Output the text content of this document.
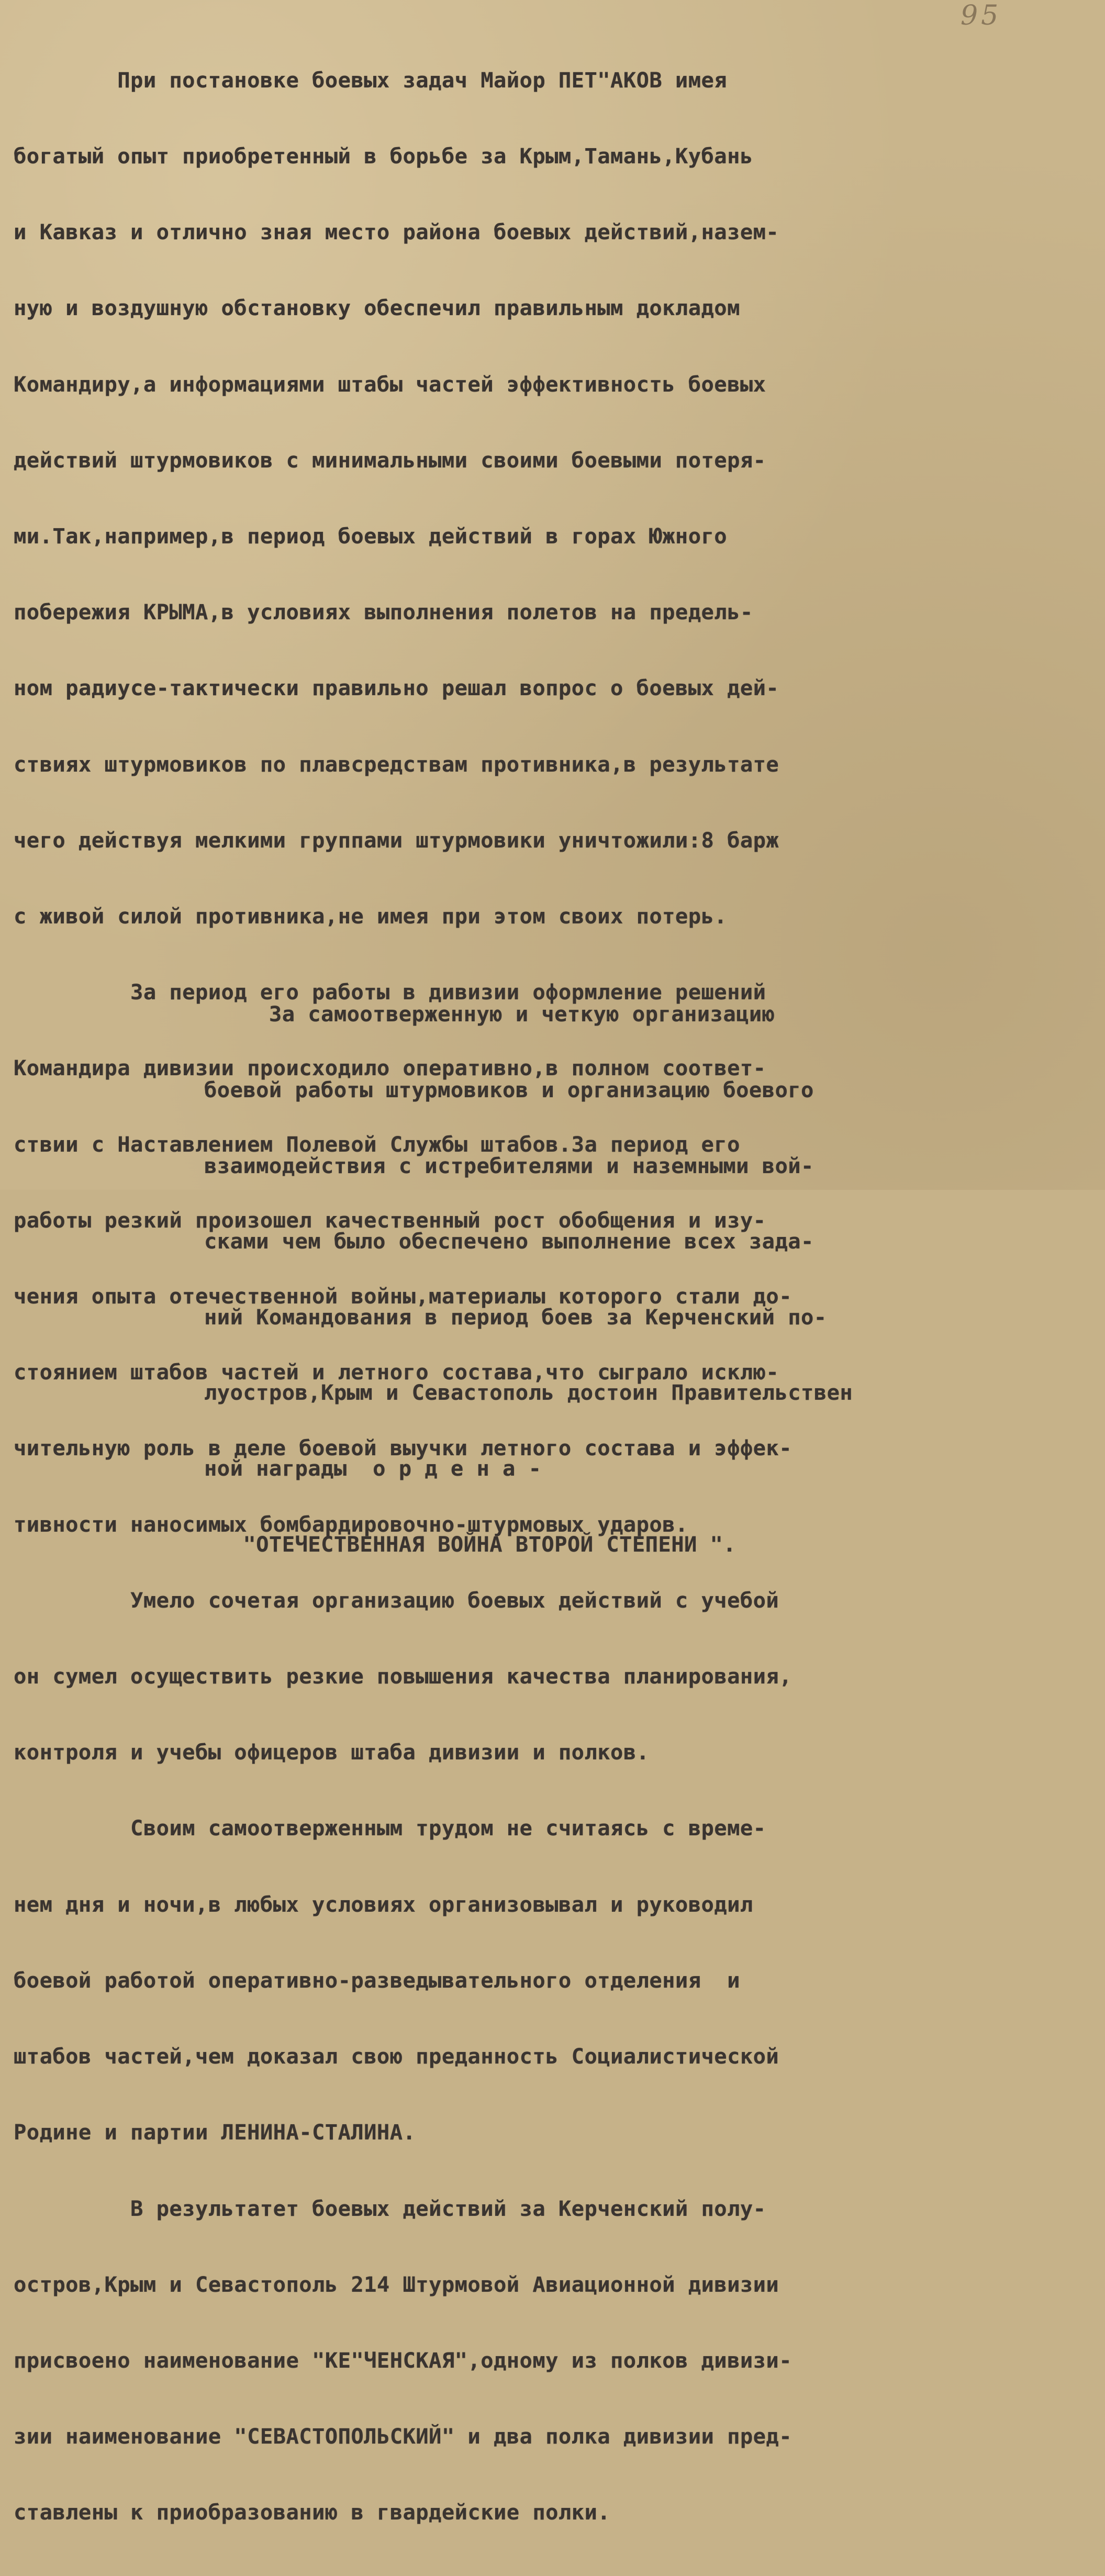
95

При постановке боевых задач Майор ПЕТ"АКОВ имея

богатый опыт приобретенный в борьбе за Крым,Тамань,Кубань

и Кавказ и отлично зная место района боевых действий,назем-

ную и воздушную обстановку обеспечил правильным докладом

Командиру,а информациями штабы частей эффективность боевых

действий штурмовиков с минимальными своими боевыми потеря-

ми.Так,например,в период боевых действий в горах Южного

побережия КРЫМА,в условиях выполнения полетов на предель-

ном радиусе-тактически правильно решал вопрос о боевых дей-

ствиях штурмовиков по плавсредствам противника,в результате

чего действуя мелкими группами штурмовики уничтожили:8 барж

с живой силой противника,не имея при этом своих потерь.

За период его работы в дивизии оформление решений

Командира дивизии происходило оперативно,в полном соответ-

ствии с Наставлением Полевой Службы штабов.За период его

работы резкий произошел качественный рост обобщения и изу-

чения опыта отечественной войны,материалы которого стали до-

стоянием штабов частей и летного состава,что сыграло исклю-

чительную роль в деле боевой выучки летного состава и эффек-

тивности наносимых бомбардировочно-штурмовых ударов.

Умело сочетая организацию боевых действий с учебой

он сумел осуществить резкие повышения качества планирования,

контроля и учебы офицеров штаба дивизии и полков.

Своим самоотверженным трудом не считаясь с време-

нем дня и ночи,в любых условиях организовывал и руководил

боевой работой оперативно-разведывательного отделения  и

штабов частей,чем доказал свою преданность Социалистической

Родине и партии ЛЕНИНА-СТАЛИНА.

В результатет боевых действий за Керченский полу-

остров,Крым и Севастополь 214 Штурмовой Авиационной дивизии

присвоено наименование "КЕ"ЧЕНСКАЯ",одному из полков дивизи-

зии наименование "СЕВАСТОПОЛЬСКИЙ" и два полка дивизии пред-

ставлены к приобразованию в гвардейские полки.

За самоотверженную и четкую организацию

боевой работы штурмовиков и организацию боевого

взаимодействия с истребителями и наземными вой-

сками чем было обеспечено выполнение всех зада-

ний Командования в период боев за Керченский по-

луостров,Крым и Севастополь достоин Правительствен

ной награды  о р д е н а -

"ОТЕЧЕСТВЕННАЯ ВОЙНА ВТОРОЙ СТЕПЕНИ ".
